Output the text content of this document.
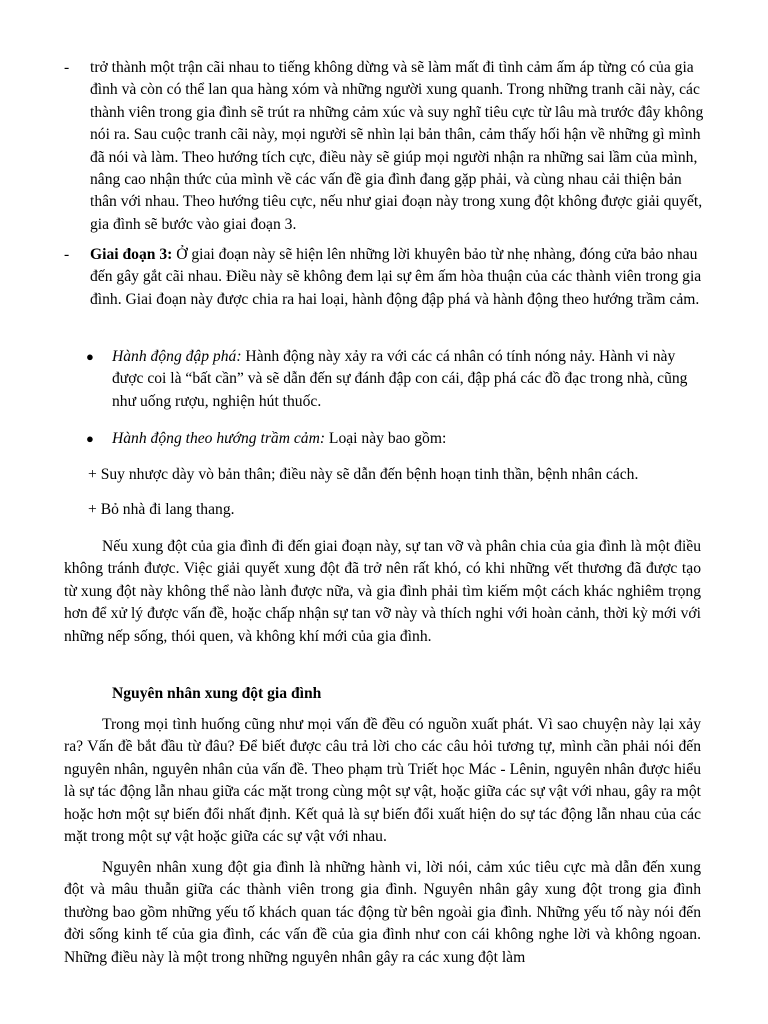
- trở thành một trận cãi nhau to tiếng không dừng và sẽ làm mất đi tình cảm ấm áp từng có của gia đình và còn có thể lan qua hàng xóm và những người xung quanh. Trong những tranh cãi này, các thành viên trong gia đình sẽ trút ra những cảm xúc và suy nghĩ tiêu cực từ lâu mà trước đây không nói ra. Sau cuộc tranh cãi này, mọi người sẽ nhìn lại bản thân, cảm thấy hối hận về những gì mình đã nói và làm. Theo hướng tích cực, điều này sẽ giúp mọi người nhận ra những sai lầm của mình, nâng cao nhận thức của mình về các vấn đề gia đình đang gặp phải, và cùng nhau cải thiện bản thân với nhau. Theo hướng tiêu cực, nếu như giai đoạn này trong xung đột không được giải quyết, gia đình sẽ bước vào giai đoạn 3.
- Giai đoạn 3: Ở giai đoạn này sẽ hiện lên những lời khuyên bảo từ nhẹ nhàng, đóng cửa bảo nhau đến gây gắt cãi nhau. Điều này sẽ không đem lại sự êm ấm hòa thuận của các thành viên trong gia đình. Giai đoạn này được chia ra hai loại, hành động đập phá và hành động theo hướng trầm cảm.
● Hành động đập phá: Hành động này xảy ra với các cá nhân có tính nóng nảy. Hành vi này được coi là “bất cần” và sẽ dẫn đến sự đánh đập con cái, đập phá các đồ đạc trong nhà, cũng như uống rượu, nghiện hút thuốc.
● Hành động theo hướng trầm cảm: Loại này bao gồm:
+ Suy nhược dày vò bản thân; điều này sẽ dẫn đến bệnh hoạn tinh thần, bệnh nhân cách.
+ Bỏ nhà đi lang thang.

Nếu xung đột của gia đình đi đến giai đoạn này, sự tan vỡ và phân chia của gia đình là một điều không tránh được. Việc giải quyết xung đột đã trở nên rất khó, có khi những vết thương đã được tạo từ xung đột này không thể nào lành được nữa, và gia đình phải tìm kiếm một cách khác nghiêm trọng hơn để xử lý được vấn đề, hoặc chấp nhận sự tan vỡ này và thích nghi với hoàn cảnh, thời kỳ mới với những nếp sống, thói quen, và không khí mới của gia đình.

Nguyên nhân xung đột gia đình

Trong mọi tình huống cũng như mọi vấn đề đều có nguồn xuất phát. Vì sao chuyện này lại xảy ra? Vấn đề bắt đầu từ đâu? Để biết được câu trả lời cho các câu hỏi tương tự, mình cần phải nói đến nguyên nhân, nguyên nhân của vấn đề. Theo phạm trù Triết học Mác - Lênin, nguyên nhân được hiểu là sự tác động lẫn nhau giữa các mặt trong cùng một sự vật, hoặc giữa các sự vật với nhau, gây ra một hoặc hơn một sự biến đổi nhất định. Kết quả là sự biến đổi xuất hiện do sự tác động lẫn nhau của các mặt trong một sự vật hoặc giữa các sự vật với nhau.

Nguyên nhân xung đột gia đình là những hành vi, lời nói, cảm xúc tiêu cực mà dẫn đến xung đột và mâu thuẫn giữa các thành viên trong gia đình. Nguyên nhân gây xung đột trong gia đình thường bao gồm những yếu tố khách quan tác động từ bên ngoài gia đình. Những yếu tố này nói đến đời sống kinh tế của gia đình, các vấn đề của gia đình như con cái không nghe lời và không ngoan. Những điều này là một trong những nguyên nhân gây ra các xung đột làm
